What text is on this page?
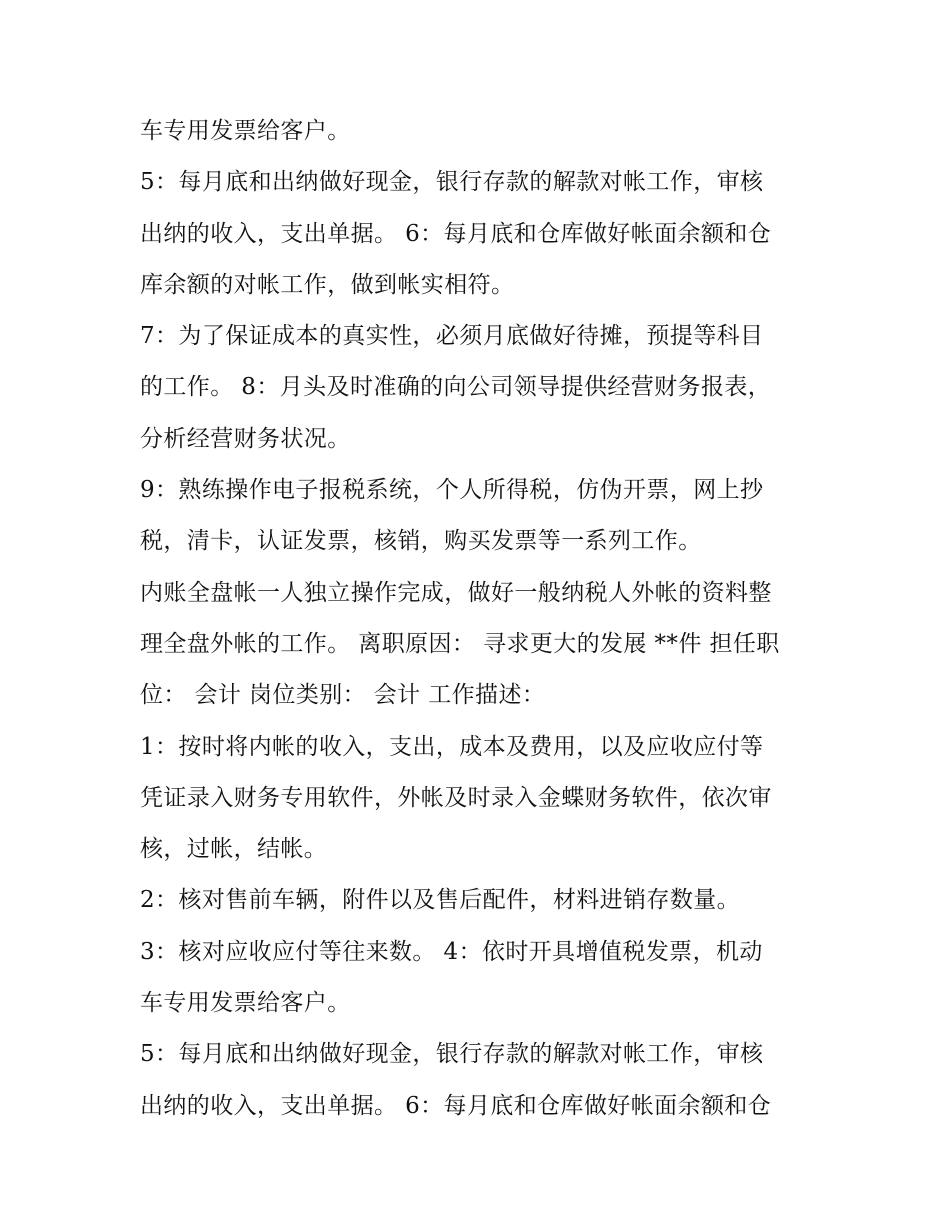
车专用发票给客户。
5：每月底和出纳做好现金，银行存款的解款对帐工作，审核
出纳的收入，支出单据。 6：每月底和仓库做好帐面余额和仓
库余额的对帐工作，做到帐实相符。
7：为了保证成本的真实性，必须月底做好待摊，预提等科目
的工作。 8：月头及时准确的向公司领导提供经营财务报表，
分析经营财务状况。
9：熟练操作电子报税系统，个人所得税，仿伪开票，网上抄
税，清卡，认证发票，核销，购买发票等一系列工作。
内账全盘帐一人独立操作完成，做好一般纳税人外帐的资料整
理全盘外帐的工作。 离职原因： 寻求更大的发展 **件 担任职
位： 会计 岗位类别： 会计 工作描述：
1：按时将内帐的收入，支出，成本及费用，以及应收应付等
凭证录入财务专用软件，外帐及时录入金蝶财务软件，依次审
核，过帐，结帐。
2：核对售前车辆，附件以及售后配件，材料进销存数量。
3：核对应收应付等往来数。 4：依时开具增值税发票，机动
车专用发票给客户。
5：每月底和出纳做好现金，银行存款的解款对帐工作，审核
出纳的收入，支出单据。 6：每月底和仓库做好帐面余额和仓
